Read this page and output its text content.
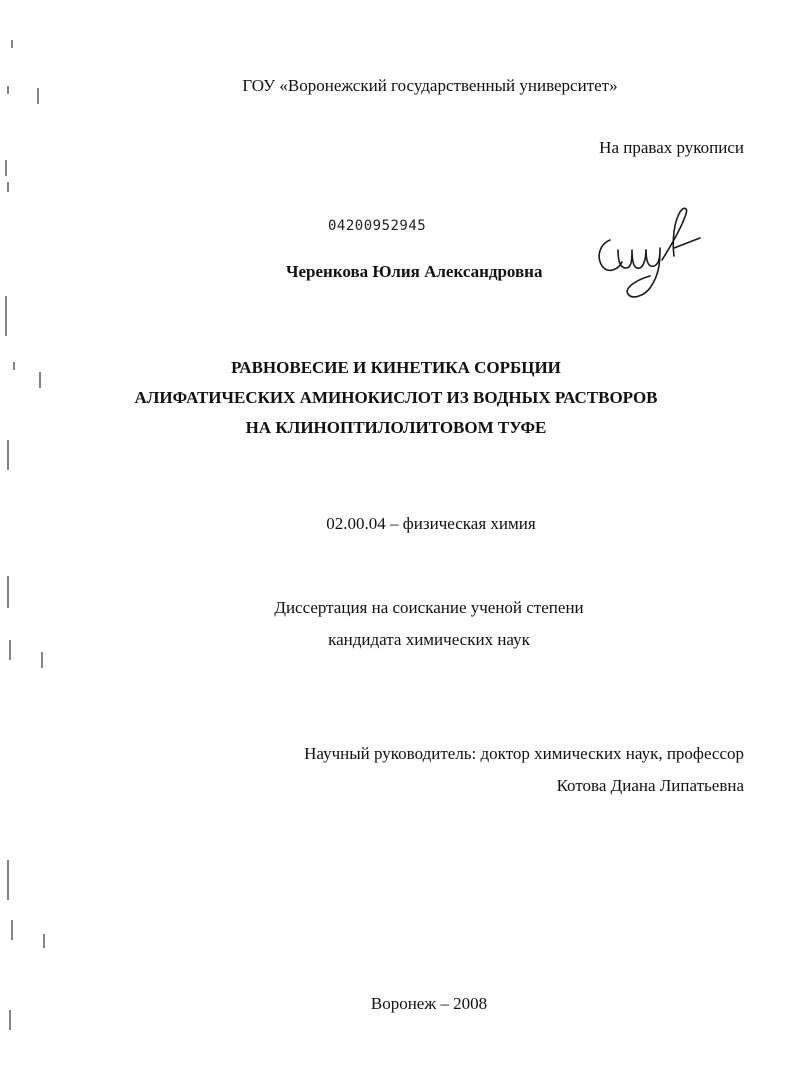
ГОУ «Воронежский государственный университет»
На правах рукописи
04200952945
Черенкова Юлия Александровна
РАВНОВЕСИЕ И КИНЕТИКА СОРБЦИИ
АЛИФАТИЧЕСКИХ АМИНОКИСЛОТ ИЗ ВОДНЫХ РАСТВОРОВ
НА КЛИНОПТИЛОЛИТОВОМ ТУФЕ
02.00.04 – физическая химия
Диссертация на соискание ученой степени
кандидата химических наук
Научный руководитель: доктор химических наук, профессор
Котова Диана Липатьевна
Воронеж – 2008
